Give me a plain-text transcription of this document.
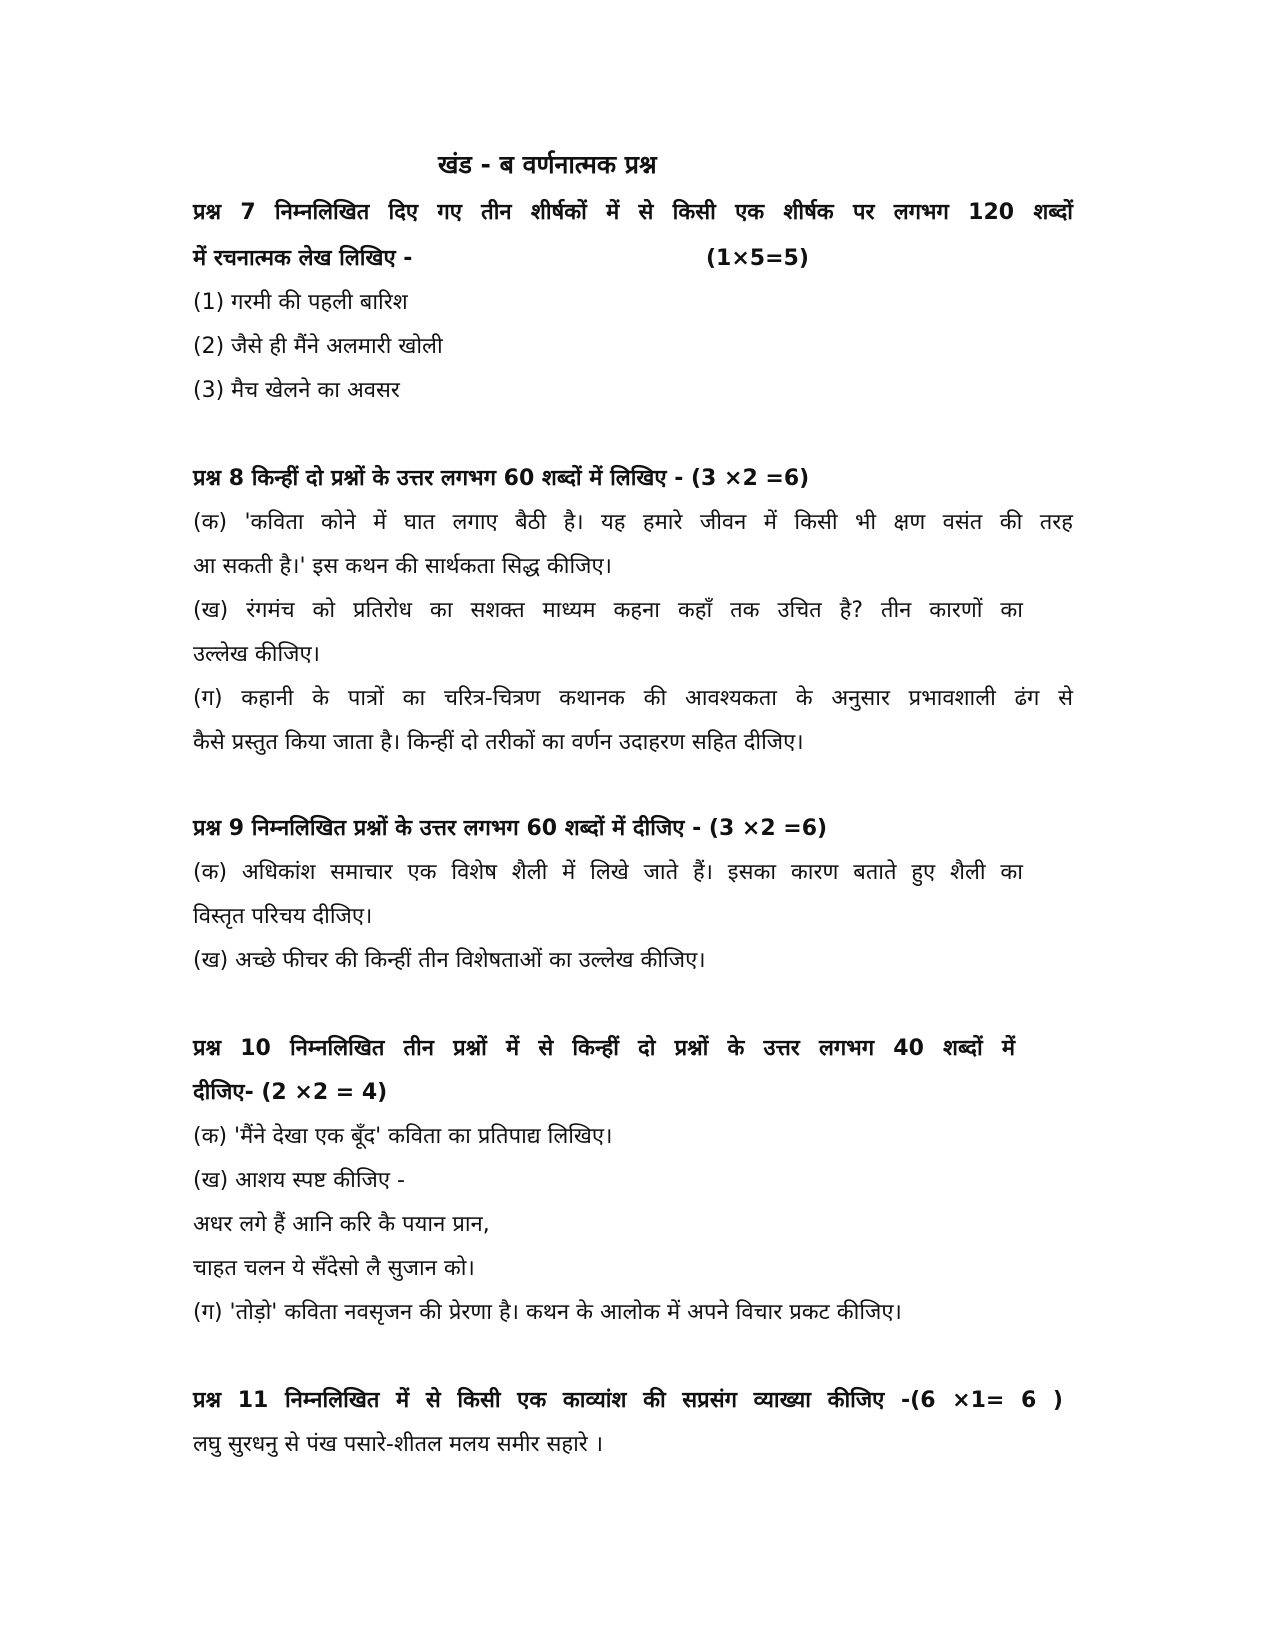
खंड - ब वर्णनात्मक प्रश्न
प्रश्न 7 निम्नलिखित दिए गए तीन शीर्षकों में से किसी एक शीर्षक पर लगभग 120 शब्दों
में रचनात्मक लेख लिखिए -	(1×5=5)
(1) गरमी की पहली बारिश
(2) जैसे ही मैंने अलमारी खोली
(3) मैच खेलने का अवसर
प्रश्न 8 किन्हीं दो प्रश्नों के उत्तर लगभग 60 शब्दों में लिखिए - (3 ×2 =6)
(क) 'कविता कोने में घात लगाए बैठी है। यह हमारे जीवन में किसी भी क्षण वसंत की तरह
आ सकती है।' इस कथन की सार्थकता सिद्ध कीजिए।
(ख) रंगमंच को प्रतिरोध का सशक्त माध्यम कहना कहाँ तक उचित है? तीन कारणों का
उल्लेख कीजिए।
(ग) कहानी के पात्रों का चरित्र-चित्रण कथानक की आवश्यकता के अनुसार प्रभावशाली ढंग से
कैसे प्रस्तुत किया जाता है। किन्हीं दो तरीकों का वर्णन उदाहरण सहित दीजिए।
प्रश्न 9 निम्नलिखित प्रश्नों के उत्तर लगभग 60 शब्दों में दीजिए - (3 ×2 =6)
(क) अधिकांश समाचार एक विशेष शैली में लिखे जाते हैं। इसका कारण बताते हुए शैली का
विस्तृत परिचय दीजिए।
(ख) अच्छे फीचर की किन्हीं तीन विशेषताओं का उल्लेख कीजिए।
प्रश्न 10 निम्नलिखित तीन प्रश्नों में से किन्हीं दो प्रश्नों के उत्तर लगभग 40 शब्दों में
दीजिए- (2 ×2 = 4)
(क) 'मैंने देखा एक बूँद' कविता का प्रतिपाद्य लिखिए।
(ख) आशय स्पष्ट कीजिए -
अधर लगे हैं आनि करि कै पयान प्रान,
चाहत चलन ये सँदेसो लै सुजान को।
(ग) 'तोड़ो' कविता नवसृजन की प्रेरणा है। कथन के आलोक में अपने विचार प्रकट कीजिए।
प्रश्न 11 निम्नलिखित में से किसी एक काव्यांश की सप्रसंग व्याख्या कीजिए -(6 ×1= 6 )
लघु सुरधनु से पंख पसारे-शीतल मलय समीर सहारे ।
